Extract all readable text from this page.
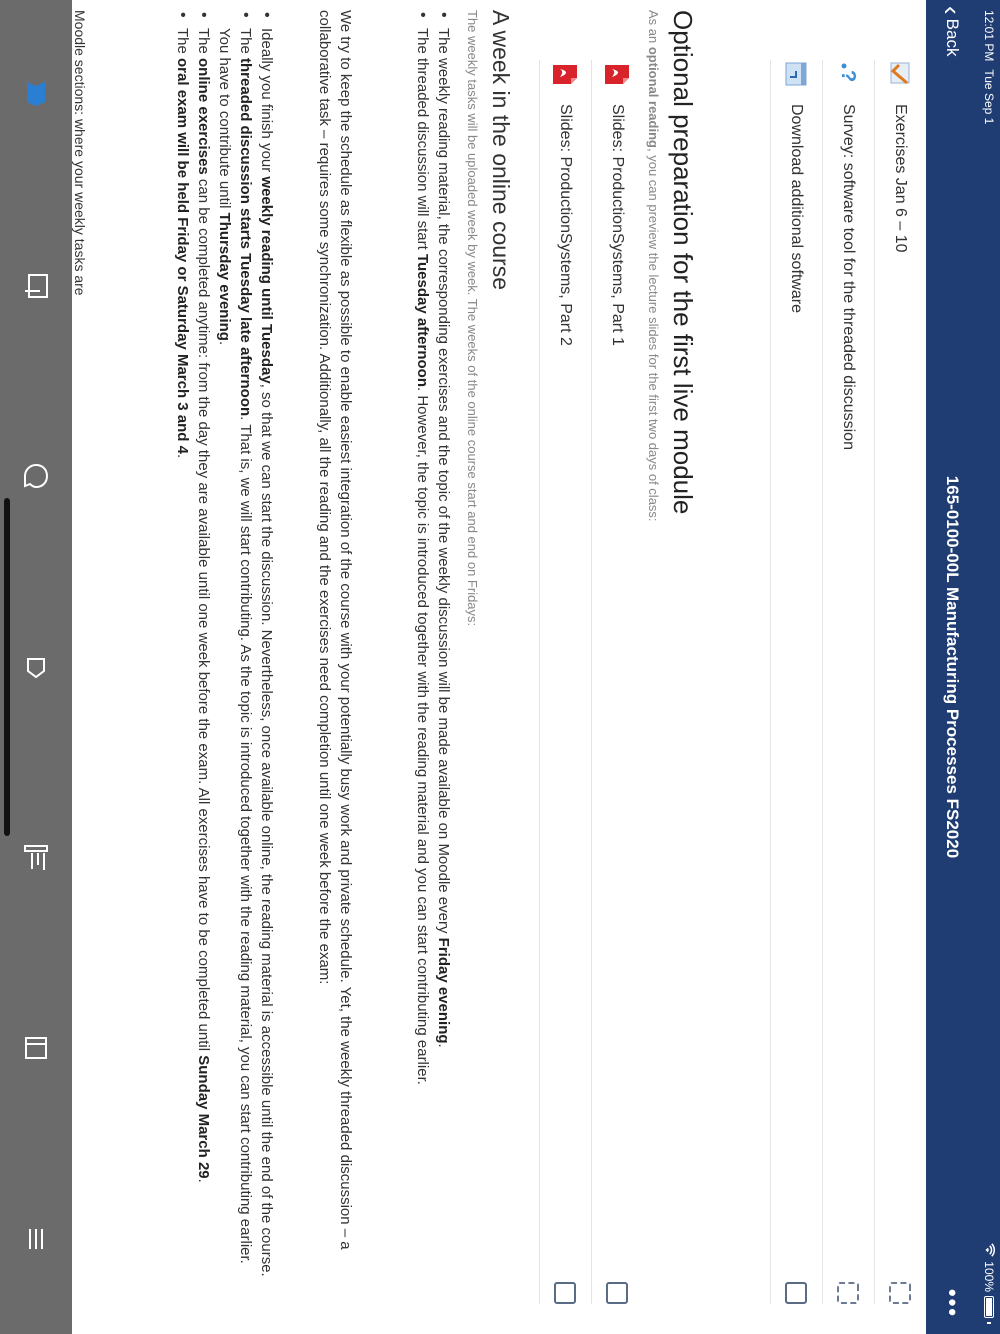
12:01 PM
Tue Sep 1
100%
‹
Back
165-0100-00L Manufacturing Processes FS2020
•••
Exercises Jan 6 – 10
?
Survey: software tool for the threaded discussion
Download additional software
Optional preparation for the first live module
As an optional reading, you can preview the lecture slides for the first two days of class:
Slides: ProductionSystems, Part 1
Slides: ProductionSystems, Part 2
A week in the online course
The weekly tasks will be uploaded week by week. The weeks of the online course start and end on Fridays:
• The weekly reading material, the corresponding exercises and the topic of the weekly discussion will be made available on Moodle every Friday evening.
• The threaded discussion will start Tuesday afternoon. However, the topic is introduced together with the reading material and you can start contributing earlier.

We try to keep the schedule as flexible as possible to enable easiest integration of the course with your potentially busy work and private schedule. Yet, the weekly threaded discussion – a collaborative task – requires some synchronization. Additionally, all the reading and the exercises need completion until one week before the exam:

• Ideally you finish your weekly reading until Tuesday, so that we can start the discussion. Nevertheless, once available online, the reading material is accessible until the end of the course.
• The threaded discussion starts Tuesday late afternoon. That is, we will start contributing. As the topic is introduced together with the reading material, you can start contributing earlier. You have to contribute until Thursday evening.
• The online exercises can be completed anytime: from the day they are available until one week before the exam. All exercises have to be completed until Sunday March 29.
• The oral exam will be held Friday or Saturday March 3 and 4.
Moodle sections: where your weekly tasks are
